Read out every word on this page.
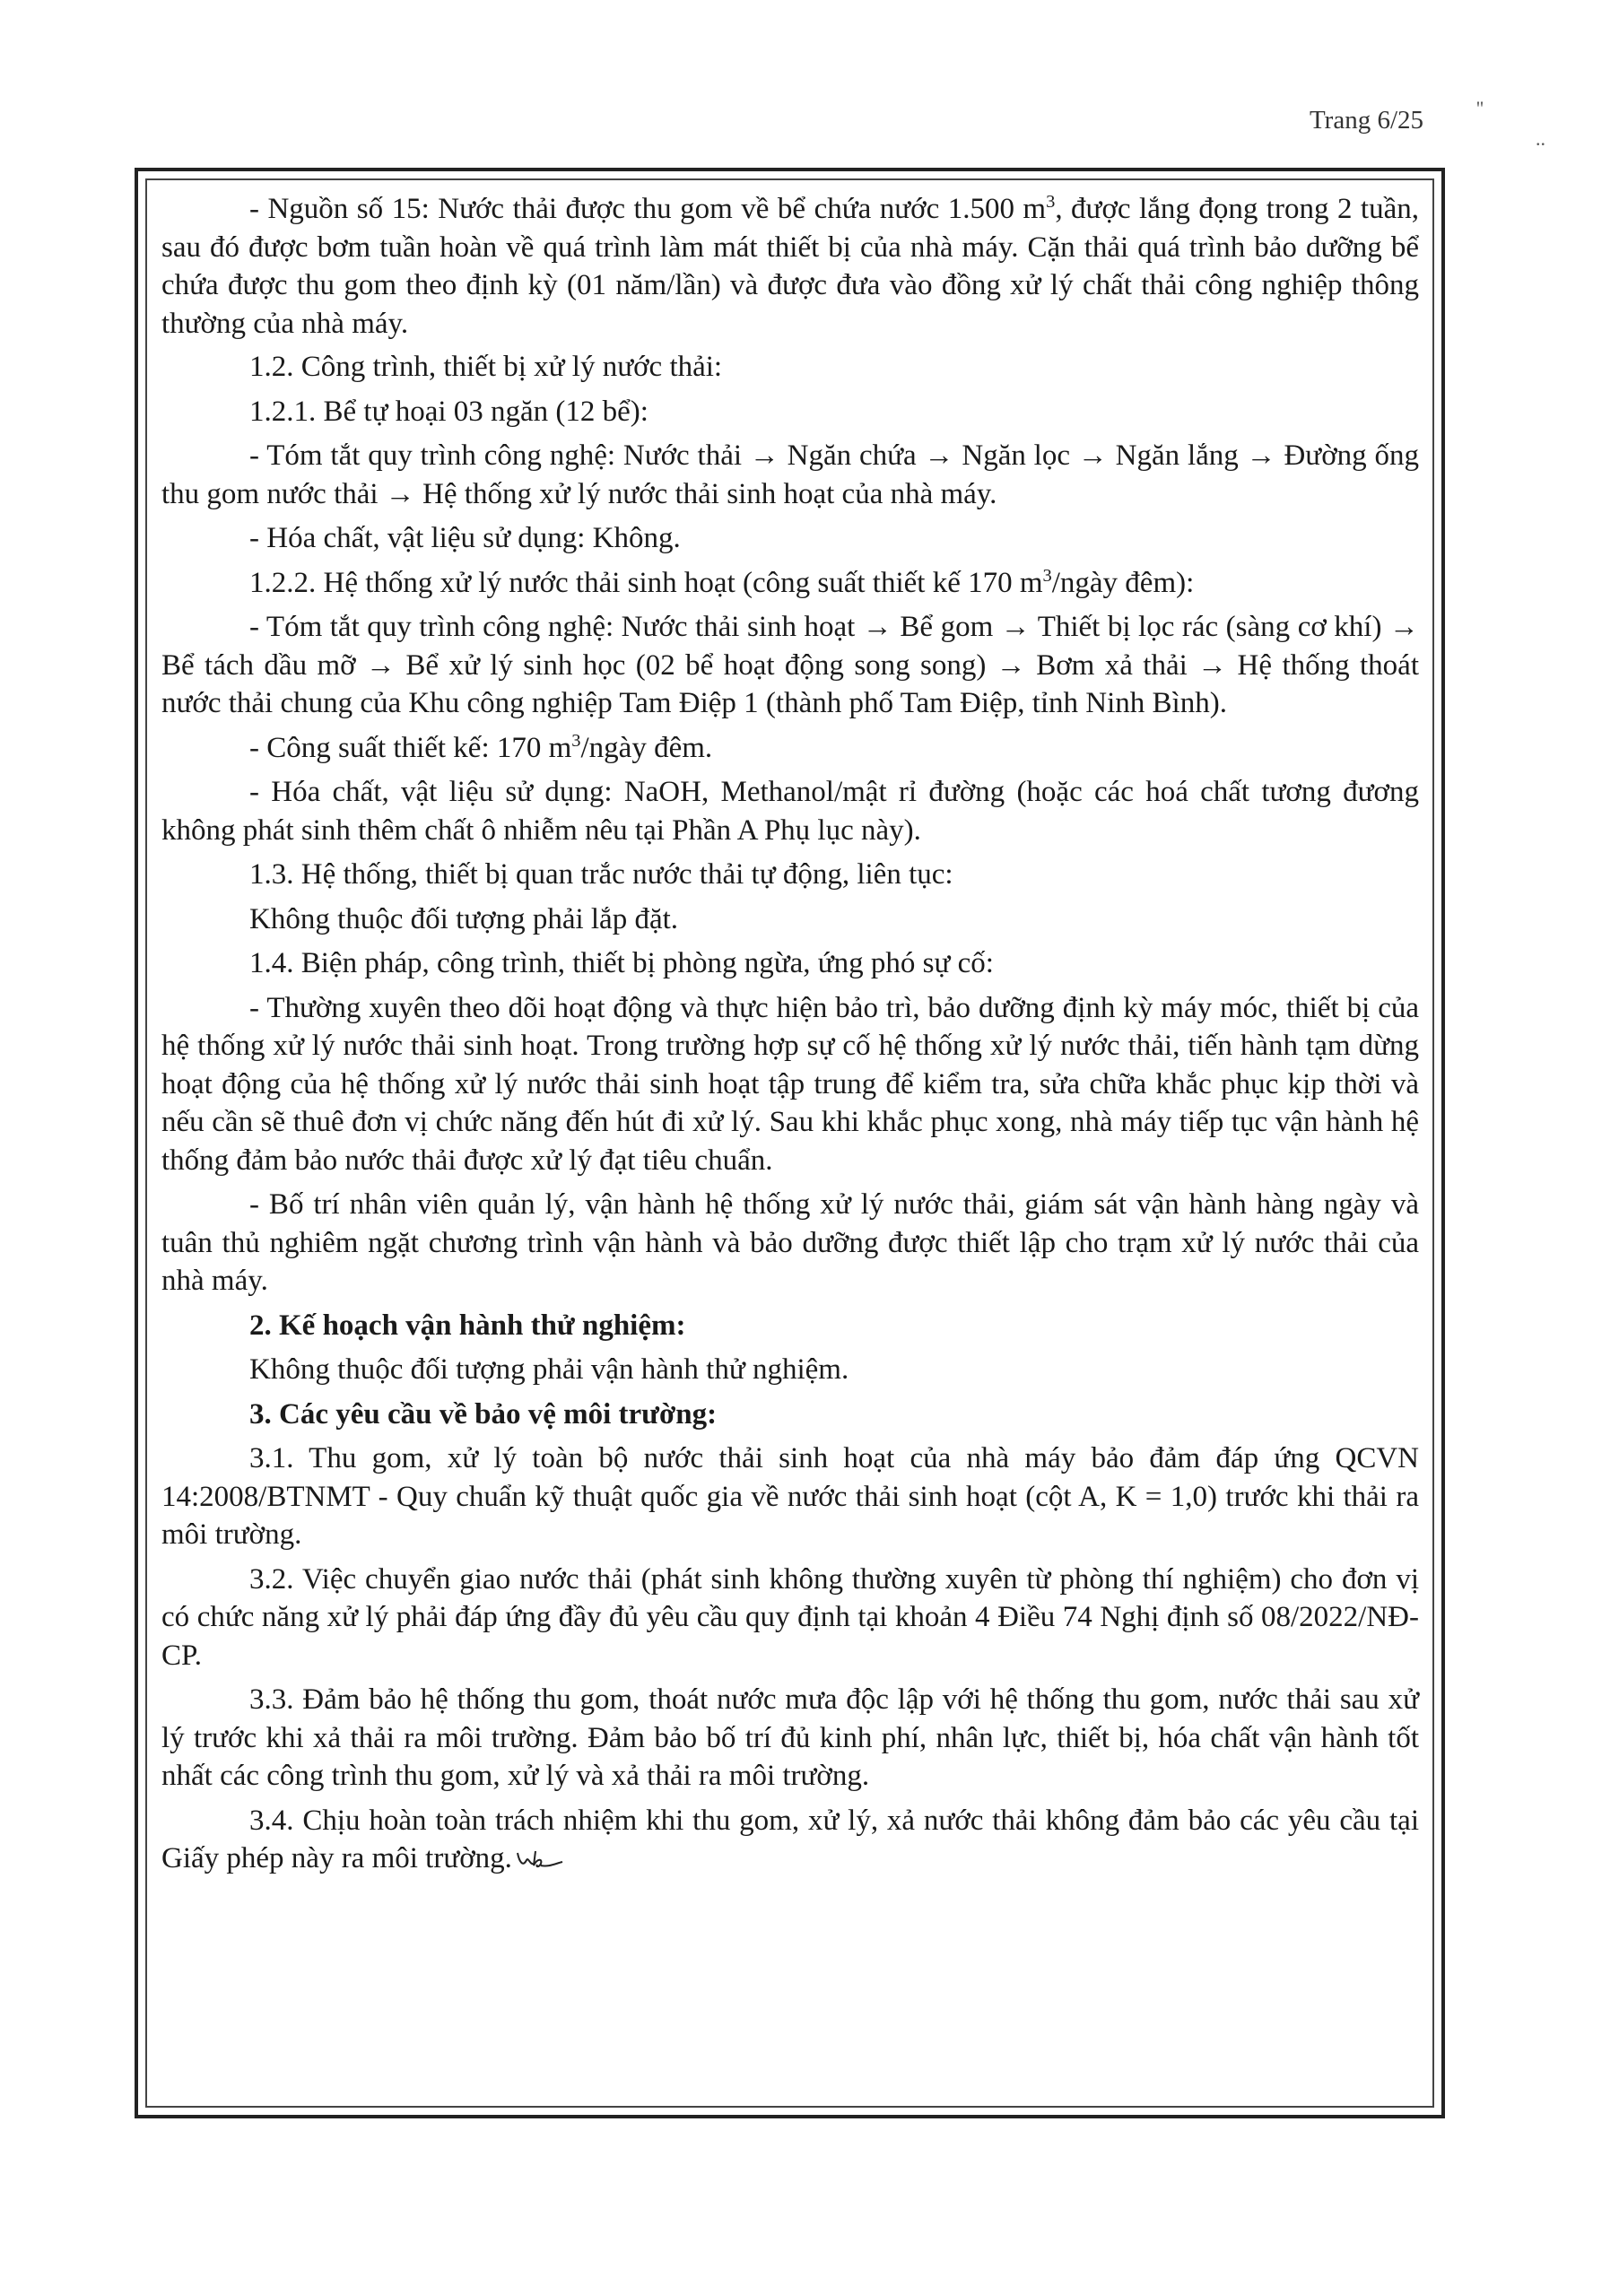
Trang 6/25	''
..

- Nguồn số 15: Nước thải được thu gom về bể chứa nước 1.500 $m^3$, được lắng đọng trong 2 tuần, sau đó được bơm tuần hoàn về quá trình làm mát thiết bị của nhà máy. Cặn thải quá trình bảo dưỡng bể chứa được thu gom theo định kỳ (01 năm/lần) và được đưa vào đồng xử lý chất thải công nghiệp thông thường của nhà máy.

1.2. Công trình, thiết bị xử lý nước thải:

1.2.1. Bể tự hoại 03 ngăn (12 bể):

- Tóm tắt quy trình công nghệ: Nước thải → Ngăn chứa → Ngăn lọc → Ngăn lắng → Đường ống thu gom nước thải → Hệ thống xử lý nước thải sinh hoạt của nhà máy.

- Hóa chất, vật liệu sử dụng: Không.

1.2.2. Hệ thống xử lý nước thải sinh hoạt (công suất thiết kế 170 $m^3$/ngày đêm):

- Tóm tắt quy trình công nghệ: Nước thải sinh hoạt → Bể gom → Thiết bị lọc rác (sàng cơ khí) → Bể tách dầu mỡ → Bể xử lý sinh học (02 bể hoạt động song song) → Bơm xả thải → Hệ thống thoát nước thải chung của Khu công nghiệp Tam Điệp 1 (thành phố Tam Điệp, tỉnh Ninh Bình).

- Công suất thiết kế: 170 $m^3$/ngày đêm.

- Hóa chất, vật liệu sử dụng: NaOH, Methanol/mật rỉ đường (hoặc các hoá chất tương đương không phát sinh thêm chất ô nhiễm nêu tại Phần A Phụ lục này).

1.3. Hệ thống, thiết bị quan trắc nước thải tự động, liên tục:

Không thuộc đối tượng phải lắp đặt.

1.4. Biện pháp, công trình, thiết bị phòng ngừa, ứng phó sự cố:

- Thường xuyên theo dõi hoạt động và thực hiện bảo trì, bảo dưỡng định kỳ máy móc, thiết bị của hệ thống xử lý nước thải sinh hoạt. Trong trường hợp sự cố hệ thống xử lý nước thải, tiến hành tạm dừng hoạt động của hệ thống xử lý nước thải sinh hoạt tập trung để kiểm tra, sửa chữa khắc phục kịp thời và nếu cần sẽ thuê đơn vị chức năng đến hút đi xử lý. Sau khi khắc phục xong, nhà máy tiếp tục vận hành hệ thống đảm bảo nước thải được xử lý đạt tiêu chuẩn.

- Bố trí nhân viên quản lý, vận hành hệ thống xử lý nước thải, giám sát vận hành hàng ngày và tuân thủ nghiêm ngặt chương trình vận hành và bảo dưỡng được thiết lập cho trạm xử lý nước thải của nhà máy.

2. Kế hoạch vận hành thử nghiệm:

Không thuộc đối tượng phải vận hành thử nghiệm.

3. Các yêu cầu về bảo vệ môi trường:

3.1. Thu gom, xử lý toàn bộ nước thải sinh hoạt của nhà máy bảo đảm đáp ứng QCVN 14:2008/BTNMT - Quy chuẩn kỹ thuật quốc gia về nước thải sinh hoạt (cột A, K = 1,0) trước khi thải ra môi trường.

3.2. Việc chuyển giao nước thải (phát sinh không thường xuyên từ phòng thí nghiệm) cho đơn vị có chức năng xử lý phải đáp ứng đầy đủ yêu cầu quy định tại khoản 4 Điều 74 Nghị định số 08/2022/NĐ-CP.

3.3. Đảm bảo hệ thống thu gom, thoát nước mưa độc lập với hệ thống thu gom, nước thải sau xử lý trước khi xả thải ra môi trường. Đảm bảo bố trí đủ kinh phí, nhân lực, thiết bị, hóa chất vận hành tốt nhất các công trình thu gom, xử lý và xả thải ra môi trường.

3.4. Chịu hoàn toàn trách nhiệm khi thu gom, xử lý, xả nước thải không đảm bảo các yêu cầu tại Giấy phép này ra môi trường.
